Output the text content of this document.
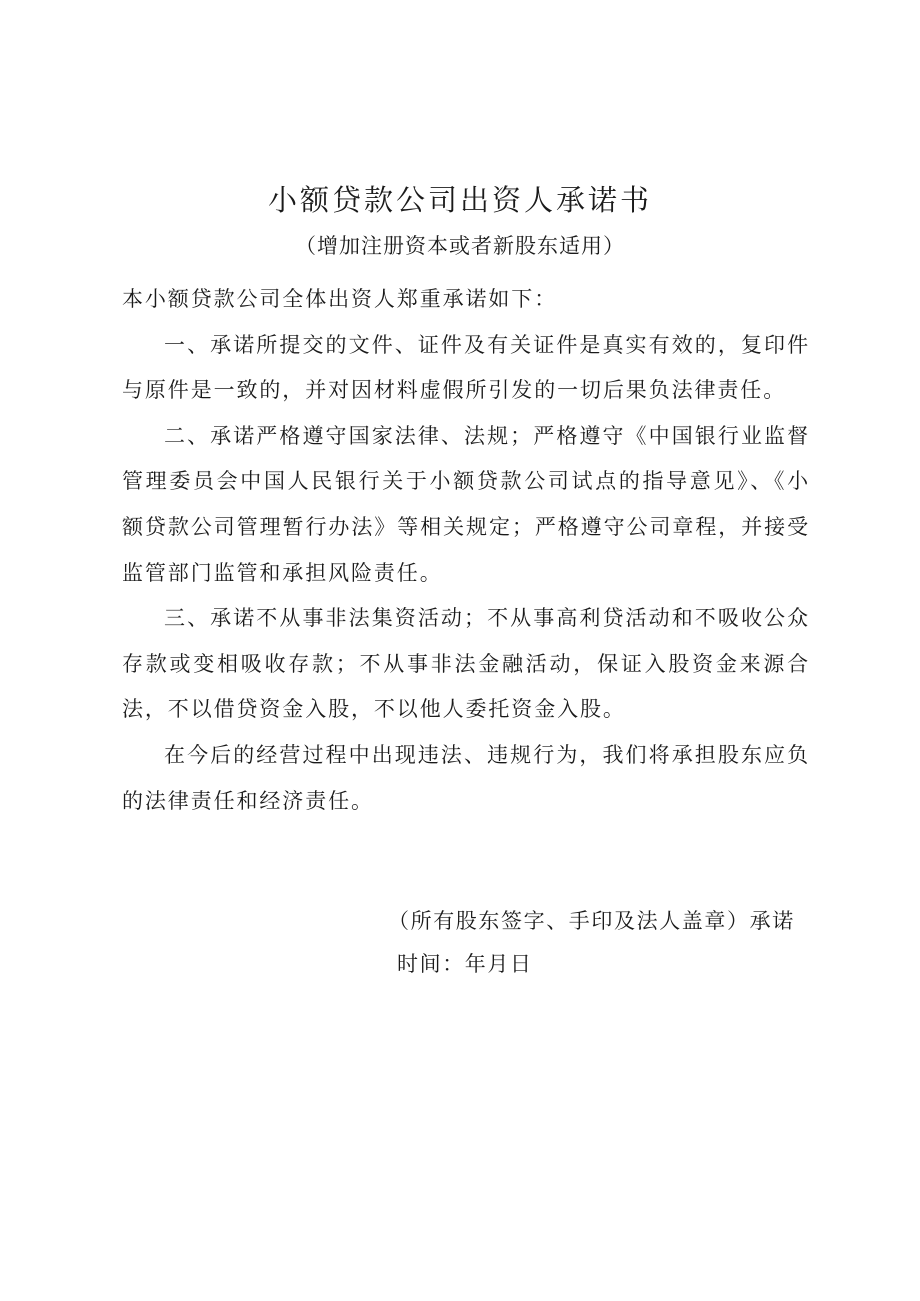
小额贷款公司出资人承诺书
（增加注册资本或者新股东适用）

本小额贷款公司全体出资人郑重承诺如下：

一、承诺所提交的文件、证件及有关证件是真实有效的，复印件与原件是一致的，并对因材料虚假所引发的一切后果负法律责任。

二、承诺严格遵守国家法律、法规；严格遵守《中国银行业监督管理委员会中国人民银行关于小额贷款公司试点的指导意见》、《小额贷款公司管理暂行办法》等相关规定；严格遵守公司章程，并接受监管部门监管和承担风险责任。

三、承诺不从事非法集资活动；不从事高利贷活动和不吸收公众存款或变相吸收存款；不从事非法金融活动，保证入股资金来源合法，不以借贷资金入股，不以他人委托资金入股。

在今后的经营过程中出现违法、违规行为，我们将承担股东应负的法律责任和经济责任。

（所有股东签字、手印及法人盖章）承诺
时间：年月日
